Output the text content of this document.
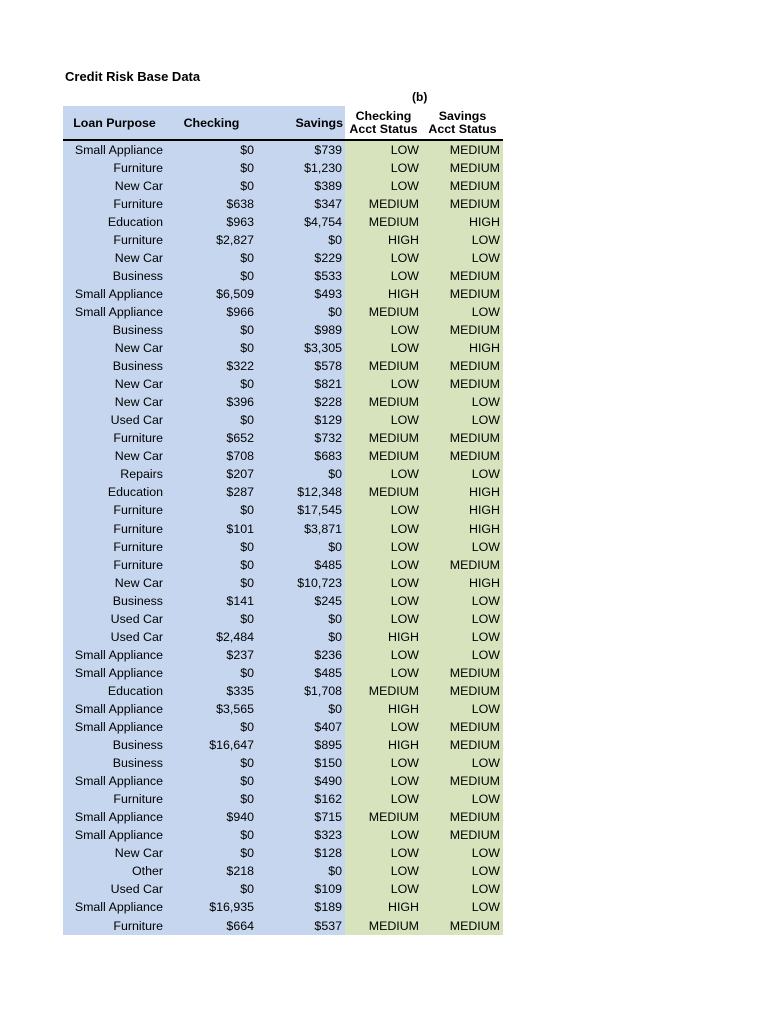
Credit Risk Base Data
(b)
Loan Purpose	Checking	Savings	Checking Acct Status	Savings Acct Status
Small Appliance	$0	$739	LOW	MEDIUM
Furniture	$0	$1,230	LOW	MEDIUM
New Car	$0	$389	LOW	MEDIUM
Furniture	$638	$347	MEDIUM	MEDIUM
Education	$963	$4,754	MEDIUM	HIGH
Furniture	$2,827	$0	HIGH	LOW
New Car	$0	$229	LOW	LOW
Business	$0	$533	LOW	MEDIUM
Small Appliance	$6,509	$493	HIGH	MEDIUM
Small Appliance	$966	$0	MEDIUM	LOW
Business	$0	$989	LOW	MEDIUM
New Car	$0	$3,305	LOW	HIGH
Business	$322	$578	MEDIUM	MEDIUM
New Car	$0	$821	LOW	MEDIUM
New Car	$396	$228	MEDIUM	LOW
Used Car	$0	$129	LOW	LOW
Furniture	$652	$732	MEDIUM	MEDIUM
New Car	$708	$683	MEDIUM	MEDIUM
Repairs	$207	$0	LOW	LOW
Education	$287	$12,348	MEDIUM	HIGH
Furniture	$0	$17,545	LOW	HIGH
Furniture	$101	$3,871	LOW	HIGH
Furniture	$0	$0	LOW	LOW
Furniture	$0	$485	LOW	MEDIUM
New Car	$0	$10,723	LOW	HIGH
Business	$141	$245	LOW	LOW
Used Car	$0	$0	LOW	LOW
Used Car	$2,484	$0	HIGH	LOW
Small Appliance	$237	$236	LOW	LOW
Small Appliance	$0	$485	LOW	MEDIUM
Education	$335	$1,708	MEDIUM	MEDIUM
Small Appliance	$3,565	$0	HIGH	LOW
Small Appliance	$0	$407	LOW	MEDIUM
Business	$16,647	$895	HIGH	MEDIUM
Business	$0	$150	LOW	LOW
Small Appliance	$0	$490	LOW	MEDIUM
Furniture	$0	$162	LOW	LOW
Small Appliance	$940	$715	MEDIUM	MEDIUM
Small Appliance	$0	$323	LOW	MEDIUM
New Car	$0	$128	LOW	LOW
Other	$218	$0	LOW	LOW
Used Car	$0	$109	LOW	LOW
Small Appliance	$16,935	$189	HIGH	LOW
Furniture	$664	$537	MEDIUM	MEDIUM
